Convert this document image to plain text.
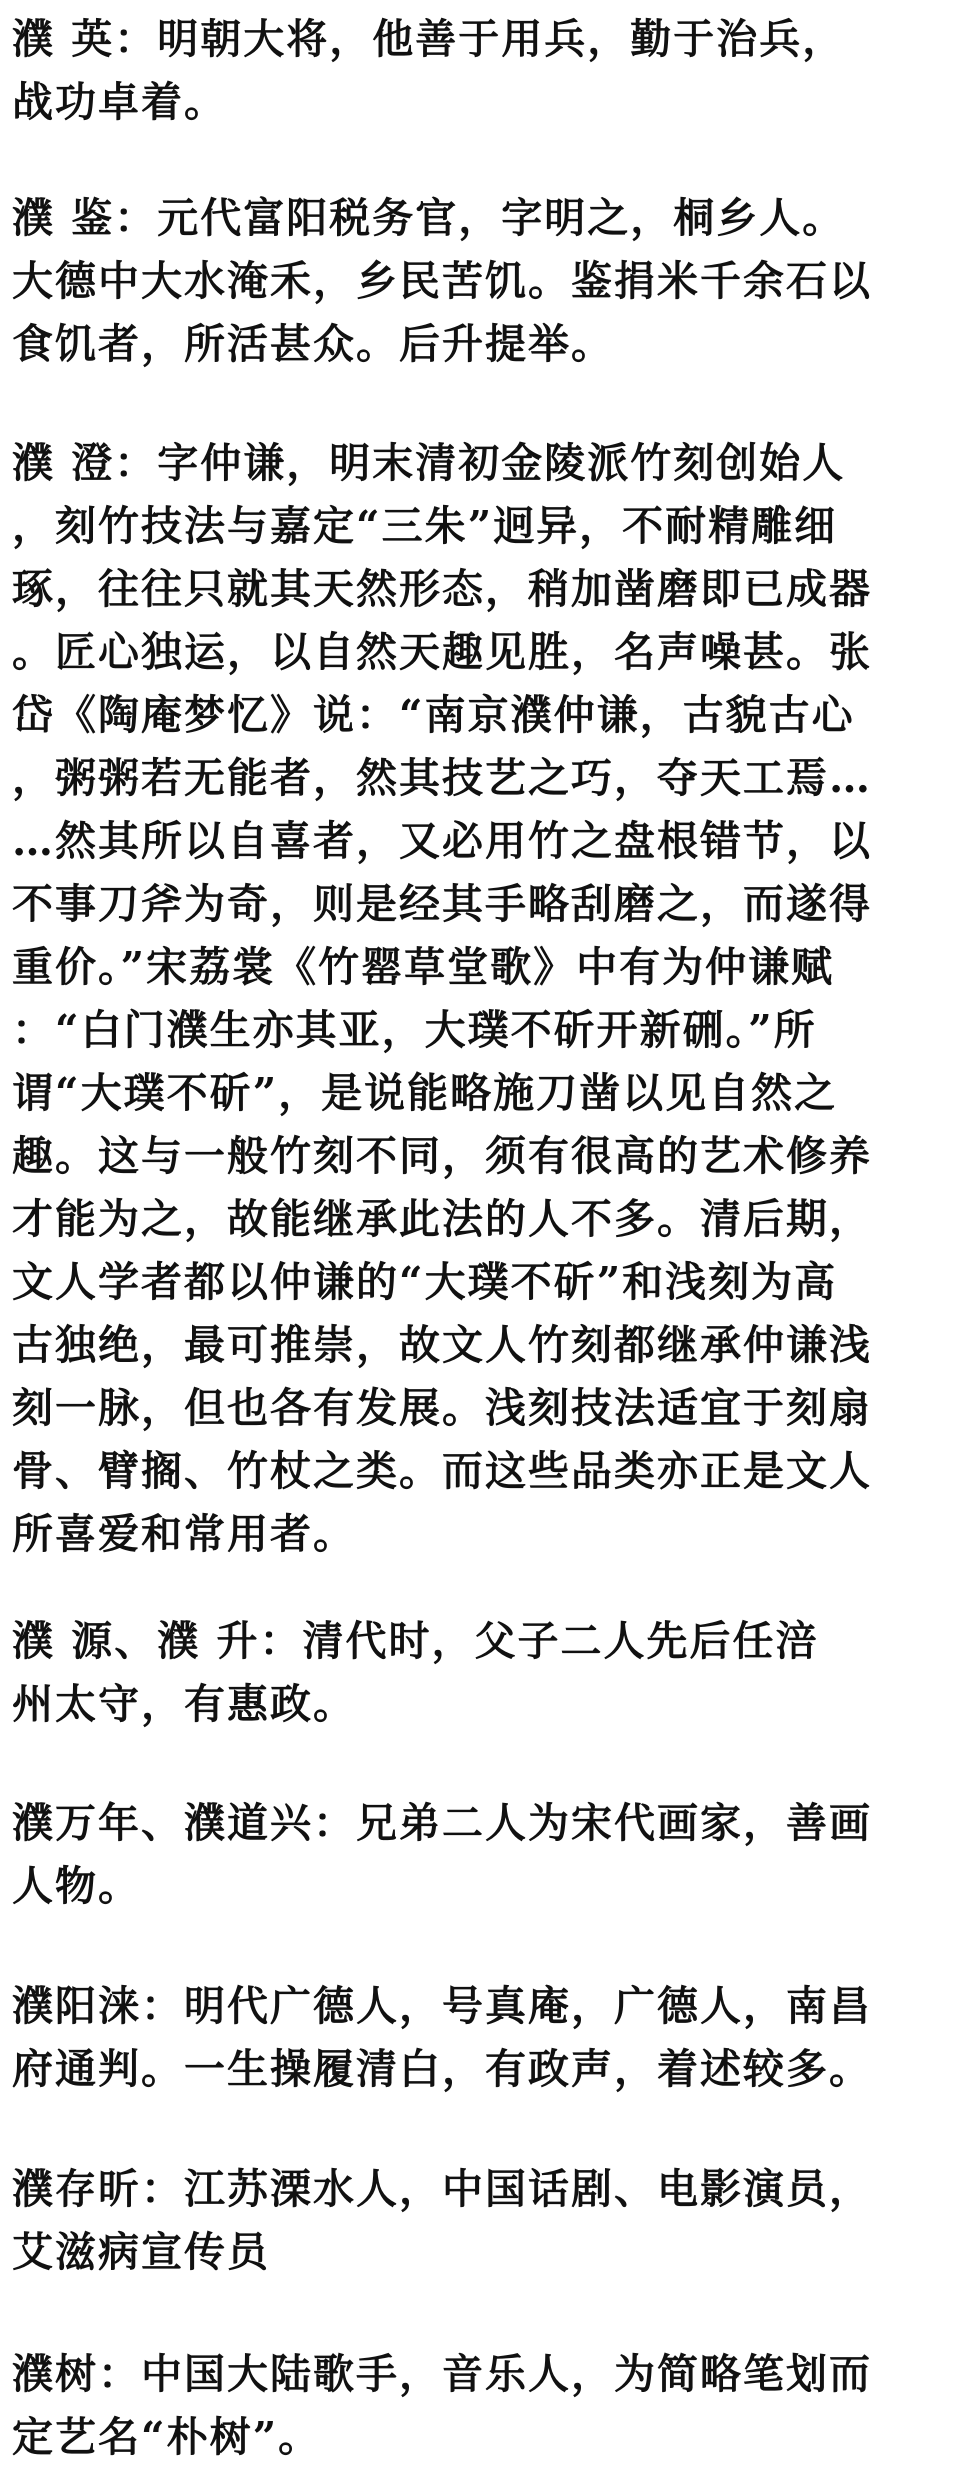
濮 英：明朝大将，他善于用兵，勤于治兵，
战功卓着。
濮 鉴：元代富阳税务官，字明之，桐乡人。
大德中大水淹禾，乡民苦饥。鉴捐米千余石以
食饥者，所活甚众。后升提举。
濮 澄：字仲谦，明末清初金陵派竹刻创始人
，刻竹技法与嘉定“三朱”迥异，不耐精雕细
琢，往往只就其天然形态，稍加凿磨即已成器
。匠心独运，以自然天趣见胜，名声噪甚。张
岱《陶庵梦忆》说：“南京濮仲谦，古貌古心
，粥粥若无能者，然其技艺之巧，夺天工焉…
…然其所以自喜者，又必用竹之盘根错节，以
不事刀斧为奇，则是经其手略刮磨之，而遂得
重价。”宋荔裳《竹罂草堂歌》中有为仲谦赋
：“白门濮生亦其亚，大璞不斫开新硎。”所
谓“大璞不斫”，是说能略施刀凿以见自然之
趣。这与一般竹刻不同，须有很高的艺术修养
才能为之，故能继承此法的人不多。清后期，
文人学者都以仲谦的“大璞不斫”和浅刻为高
古独绝，最可推崇，故文人竹刻都继承仲谦浅
刻一脉，但也各有发展。浅刻技法适宜于刻扇
骨、臂搁、竹杖之类。而这些品类亦正是文人
所喜爱和常用者。
濮 源、濮 升：清代时，父子二人先后任涪
州太守，有惠政。
濮万年、濮道兴：兄弟二人为宋代画家，善画
人物。
濮阳涞：明代广德人，号真庵，广德人，南昌
府通判。一生操履清白，有政声，着述较多。
濮存昕：江苏溧水人，中国话剧、电影演员，
艾滋病宣传员
濮树：中国大陆歌手，音乐人，为简略笔划而
定艺名“朴树”。
